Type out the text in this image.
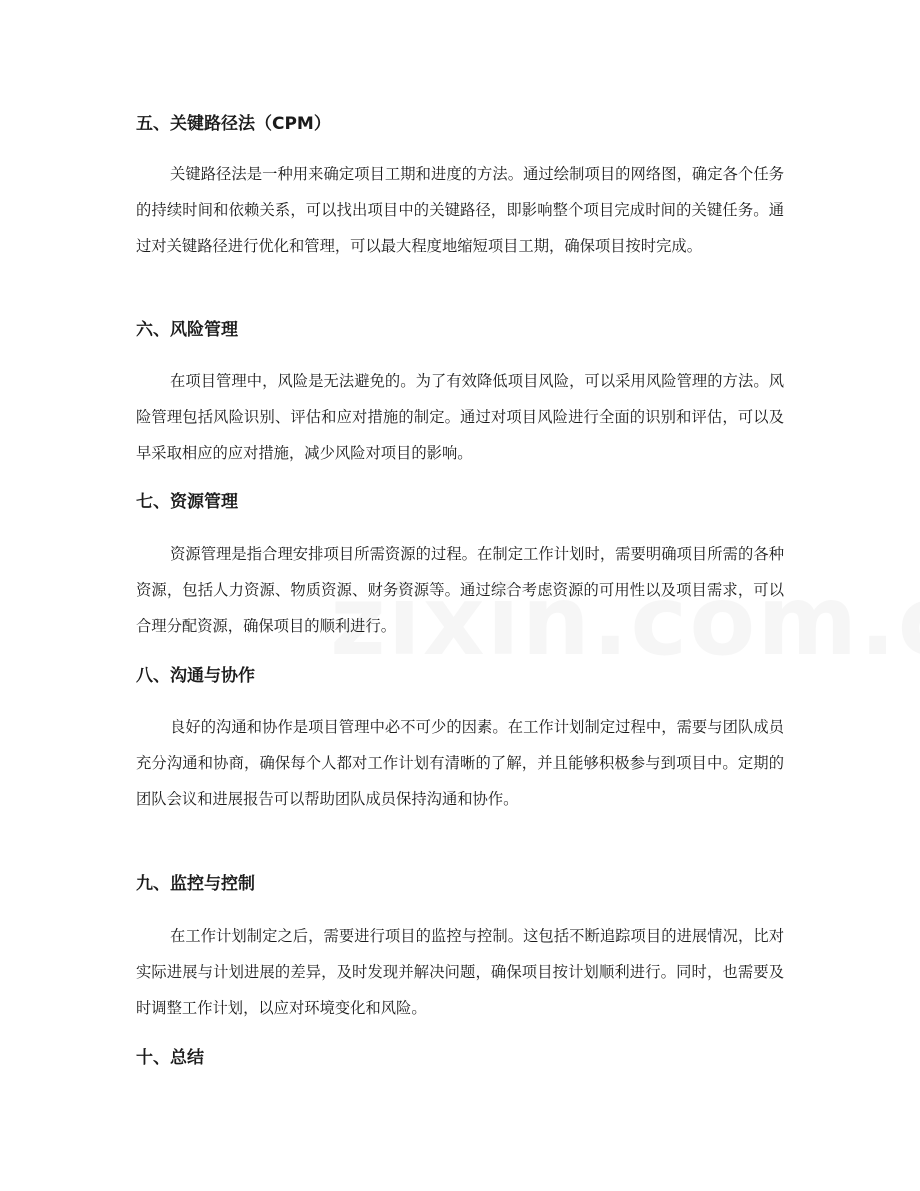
五、关键路径法（CPM）

关键路径法是一种用来确定项目工期和进度的方法。通过绘制项目的网络图，确定各个任务的持续时间和依赖关系，可以找出项目中的关键路径，即影响整个项目完成时间的关键任务。通过对关键路径进行优化和管理，可以最大程度地缩短项目工期，确保项目按时完成。

六、风险管理

在项目管理中，风险是无法避免的。为了有效降低项目风险，可以采用风险管理的方法。风险管理包括风险识别、评估和应对措施的制定。通过对项目风险进行全面的识别和评估，可以及早采取相应的应对措施，减少风险对项目的影响。

七、资源管理

资源管理是指合理安排项目所需资源的过程。在制定工作计划时，需要明确项目所需的各种资源，包括人力资源、物质资源、财务资源等。通过综合考虑资源的可用性以及项目需求，可以合理分配资源，确保项目的顺利进行。

八、沟通与协作

良好的沟通和协作是项目管理中必不可少的因素。在工作计划制定过程中，需要与团队成员充分沟通和协商，确保每个人都对工作计划有清晰的了解，并且能够积极参与到项目中。定期的团队会议和进展报告可以帮助团队成员保持沟通和协作。

九、监控与控制

在工作计划制定之后，需要进行项目的监控与控制。这包括不断追踪项目的进展情况，比对实际进展与计划进展的差异，及时发现并解决问题，确保项目按计划顺利进行。同时，也需要及时调整工作计划，以应对环境变化和风险。

十、总结
